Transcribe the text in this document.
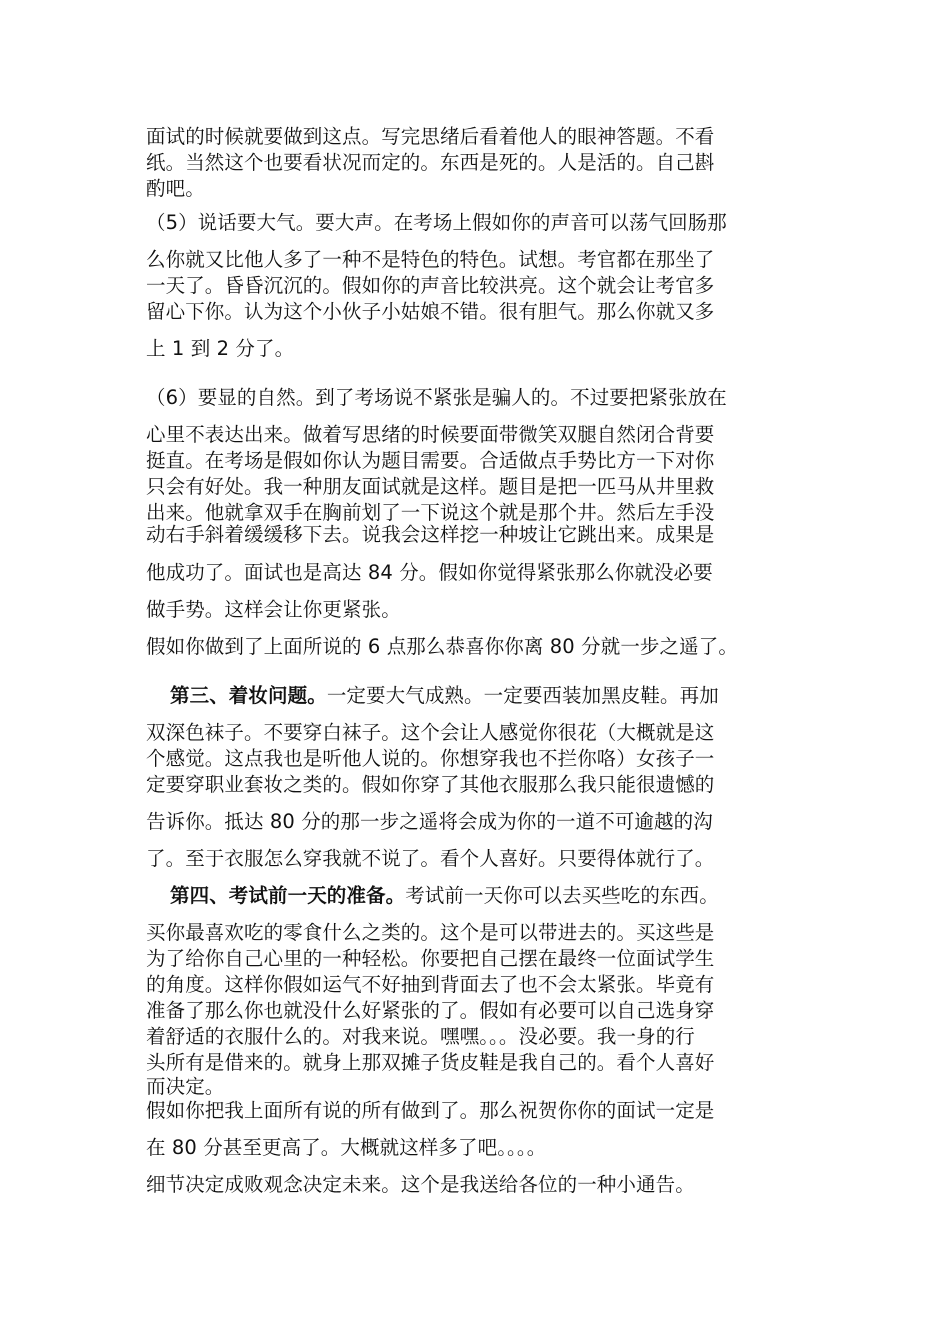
面试的时候就要做到这点。写完思绪后看着他人的眼神答题。不看
纸。当然这个也要看状况而定的。东西是死的。人是活的。自己斟
酌吧。
（5）说话要大气。要大声。在考场上假如你的声音可以荡气回肠那
么你就又比他人多了一种不是特色的特色。试想。考官都在那坐了
一天了。昏昏沉沉的。假如你的声音比较洪亮。这个就会让考官多
留心下你。认为这个小伙子小姑娘不错。很有胆气。那么你就又多
上 1 到 2 分了。
（6）要显的自然。到了考场说不紧张是骗人的。不过要把紧张放在
心里不表达出来。做着写思绪的时候要面带微笑双腿自然闭合背要
挺直。在考场是假如你认为题目需要。合适做点手势比方一下对你
只会有好处。我一种朋友面试就是这样。题目是把一匹马从井里救
出来。他就拿双手在胸前划了一下说这个就是那个井。然后左手没
动右手斜着缓缓移下去。说我会这样挖一种坡让它跳出来。成果是
他成功了。面试也是高达 84 分。假如你觉得紧张那么你就没必要
做手势。这样会让你更紧张。
假如你做到了上面所说的 6 点那么恭喜你你离 80 分就一步之遥了。
第三、着妆问题。一定要大气成熟。一定要西装加黑皮鞋。再加
双深色袜子。不要穿白袜子。这个会让人感觉你很花（大概就是这
个感觉。这点我也是听他人说的。你想穿我也不拦你咯）女孩子一
定要穿职业套妆之类的。假如你穿了其他衣服那么我只能很遗憾的
告诉你。抵达 80 分的那一步之遥将会成为你的一道不可逾越的沟
了。至于衣服怎么穿我就不说了。看个人喜好。只要得体就行了。
第四、考试前一天的准备。考试前一天你可以去买些吃的东西。
买你最喜欢吃的零食什么之类的。这个是可以带进去的。买这些是
为了给你自己心里的一种轻松。你要把自己摆在最终一位面试学生
的角度。这样你假如运气不好抽到背面去了也不会太紧张。毕竟有
准备了那么你也就没什么好紧张的了。假如有必要可以自己选身穿
着舒适的衣服什么的。对我来说。嘿嘿。。。没必要。我一身的行
头所有是借来的。就身上那双摊子货皮鞋是我自己的。看个人喜好
而决定。
假如你把我上面所有说的所有做到了。那么祝贺你你的面试一定是
在 80 分甚至更高了。大概就这样多了吧。。。。
细节决定成败观念决定未来。这个是我送给各位的一种小通告。
